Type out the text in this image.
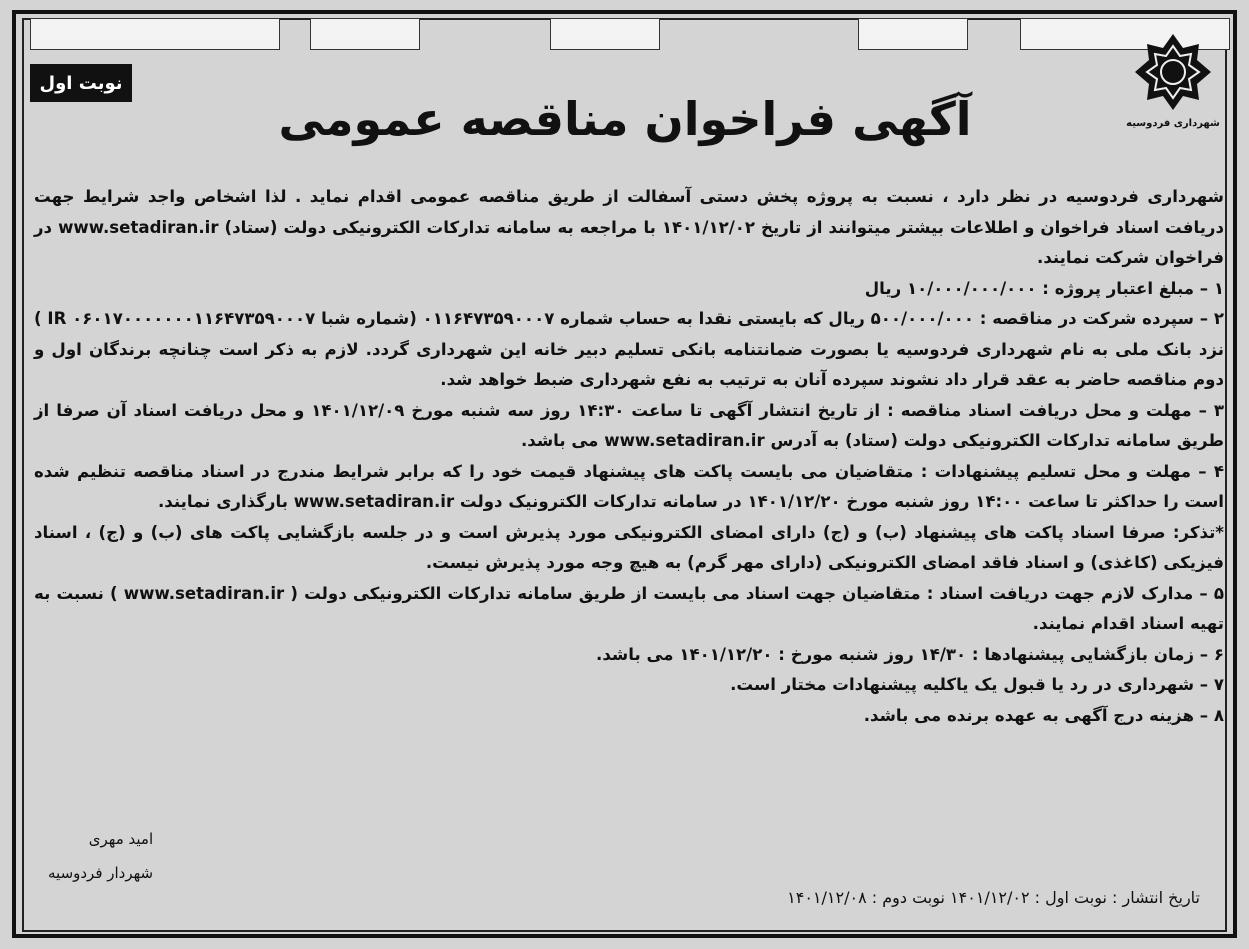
نوبت اول
شهرداری فردوسیه
آگهی فراخوان مناقصه عمومی

شهرداری فردوسیه در نظر دارد ، نسبت به پروژه پخش دستی آسفالت از طریق مناقصه عمومی اقدام نماید . لذا اشخاص واجد شرایط جهت دریافت اسناد فراخوان و اطلاعات بیشتر میتوانند از تاریخ ۱۴۰۱/۱۲/۰۲ با مراجعه به سامانه تدارکات الکترونیکی دولت (ستاد) www.setadiran.ir در فراخوان شرکت نمایند.

۱ – مبلغ اعتبار پروژه : ۱۰/۰۰۰/۰۰۰/۰۰۰ ریال

۲ – سپرده شرکت در مناقصه : ۵۰۰/۰۰۰/۰۰۰ ریال که بایستی نقدا به حساب شماره ۰۱۱۶۴۷۳۵۹۰۰۰۷ (شماره شبا IR ۰۶۰۱۷۰۰۰۰۰۰۰۱۱۶۴۷۳۵۹۰۰۰۷ ) نزد بانک ملی به نام شهرداری فردوسیه یا بصورت ضمانتنامه بانکی تسلیم دبیر خانه این شهرداری گردد. لازم به ذکر است چنانچه برندگان اول و دوم مناقصه حاضر به عقد قرار داد نشوند سپرده آنان به ترتیب به نفع شهرداری ضبط خواهد شد.

۳ – مهلت و محل دریافت اسناد مناقصه : از تاریخ انتشار آگهی تا ساعت ۱۴:۳۰ روز سه شنبه مورخ ۱۴۰۱/۱۲/۰۹ و محل دریافت اسناد آن صرفا از طریق سامانه تدارکات الکترونیکی دولت (ستاد) به آدرس www.setadiran.ir می باشد.

۴ – مهلت و محل تسلیم پیشنهادات : متقاضیان می بایست پاکت های پیشنهاد قیمت خود را که برابر شرایط مندرج در اسناد مناقصه تنظیم شده است را حداکثر تا ساعت ۱۴:۰۰ روز شنبه مورخ ۱۴۰۱/۱۲/۲۰ در سامانه تدارکات الکترونیک دولت www.setadiran.ir بارگذاری نمایند.

*تذکر: صرفا اسناد پاکت های پیشنهاد (ب) و (ج) دارای امضای الکترونیکی مورد پذیرش است و در جلسه بازگشایی پاکت های (ب) و (ج) ، اسناد فیزیکی (کاغذی) و اسناد فاقد امضای الکترونیکی (دارای مهر گرم) به هیچ وجه مورد پذیرش نیست.

۵ – مدارک لازم جهت دریافت اسناد : متقاضیان جهت اسناد می بایست از طریق سامانه تدارکات الکترونیکی دولت ( www.setadiran.ir ) نسبت به تهیه اسناد اقدام نمایند.

۶ – زمان بازگشایی پیشنهادها : ۱۴/۳۰ روز شنبه مورخ : ۱۴۰۱/۱۲/۲۰ می باشد.

۷ – شهرداری در رد یا قبول یک یاکلیه پیشنهادات مختار است.

۸ – هزینه درج آگهی به عهده برنده می باشد.

امید مهری
شهردار فردوسیه
تاریخ انتشار : نوبت اول : ۱۴۰۱/۱۲/۰۲ نوبت دوم : ۱۴۰۱/۱۲/۰۸
